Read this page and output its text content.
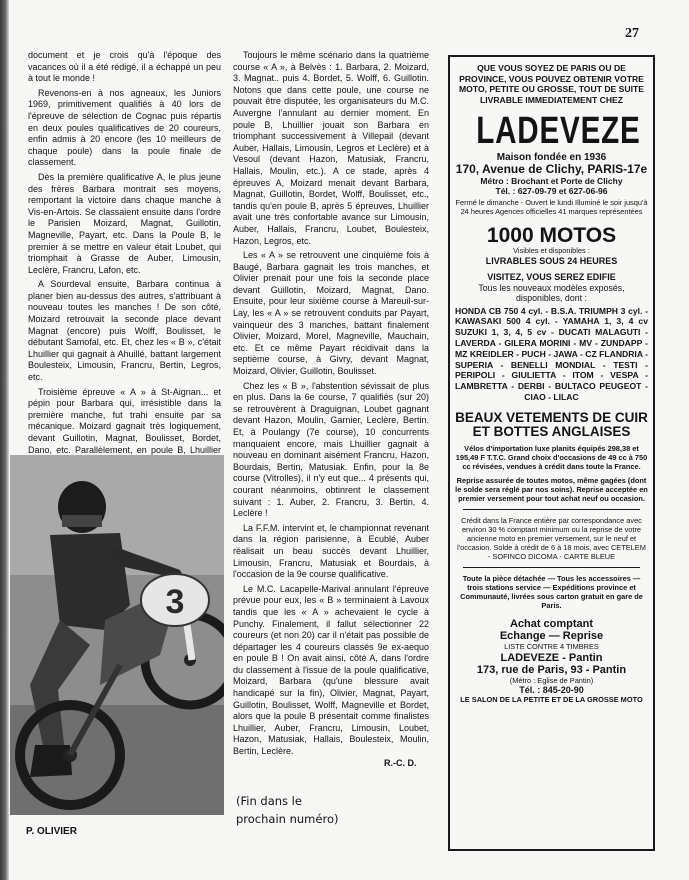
27

document et je crois qu'à l'époque des vacances où il a été rédigé, il a échappé un peu à tout le monde !

Revenons-en à nos agneaux, les Juniors 1969, primitivement qualifiés à 40 lors de l'épreuve de sélection de Cognac puis répartis en deux poules qualificatives de 20 coureurs, enfin admis à 20 encore (les 10 meilleurs de chaque poule) dans la poule finale de classement.

Dès la première qualificative A, le plus jeune des frères Barbara montrait ses moyens, remportant la victoire dans chaque manche à Vis-en-Artois. Se classaient ensuite dans l'ordre le Parisien Moizard, Magnat, Guillotin, Magneville, Payart, etc. Dans la Poule B, le premier à se mettre en valeur était Loubet, qui triomphait à Grasse de Auber, Limousin, Leclère, Francru, Lafon, etc.

A Sourdeval ensuite, Barbara continua à planer bien au-dessus des autres, s'attribuant à nouveau toutes les manches ! De son côté, Moizard retrouvait la seconde place devant Magnat (encore) puis Wolff, Boulisset, le débutant Samofal, etc. Et, chez les « B », c'était Lhuillier qui gagnait à Ahuillé, battant largement Boulesteix, Limousin, Francru, Bertin, Legros, etc.

Troisième épreuve « A » à St-Aignan... et pépin pour Barbara qui, irrésistible dans la première manche, fut trahi ensuite par sa mécanique. Moizard gagnait très logiquement, devant Guillotin, Magnat, Boulisset, Bordet, Dano, etc. Parallèlement, en poule B, Lhuillier

3
P. OLIVIER

Toujours le même scénario dans la quatrième course « A », à Belvès : 1. Barbara, 2. Moizard, 3. Magnat.. puis 4. Bordet, 5. Wolff, 6. Guillotin. Notons que dans cette poule, une course ne pouvait être disputée, les organisateurs du M.C. Auvergne l'annulant au dernier moment. En poule B, Lhuillier jouait son Barbara en triomphant successivement à Villepail (devant Auber, Hallais, Limousin, Legros et Leclère) et à Vesoul (devant Hazon, Matusiak, Francru, Hallais, Moulin, etc.). A ce stade, après 4 épreuves A, Moizard menait devant Barbara, Magnat, Guillotin, Bordet, Wolff, Boulisset, etc., tandis qu'en poule B, après 5 épreuves, Lhuillier avait une très confortable avance sur Limousin, Auber, Hallais, Francru, Loubet, Boulesteix, Hazon, Legros, etc.

Les « A » se retrouvent une cinquième fois à Baugé, Barbara gagnait les trois manches, et Olivier prenait pour une fois la seconde place devant Guillotin, Moizard, Magnat, Dano. Ensuite, pour leur sixième course à Mareuil-sur-Lay, les « A » se retrouvent conduits par Payart, vainqueur des 3 manches, battant finalement Olivier, Moizard, Morel, Magneville, Mauchain, etc. Et ce même Payart récidivait dans la septième course, à Givry, devant Magnat, Moizard, Olivier, Guillotin, Boulisset.

Chez les « B », l'abstention sévissait de plus en plus. Dans la 6e course, 7 qualifiés (sur 20) se retrouvèrent à Draguignan, Loubet gagnant devant Hazon, Moulin, Garnier, Leclère, Bertin. Et, à Poulangy (7e course), 10 concurrents manquaient encore, mais Lhuillier gagnait à nouveau en dominant aisément Francru, Hazon, Bourdais, Bertin, Matusiak. Enfin, pour la 8e course (Vitrolles), il n'y eut que... 4 présents qui, courant néanmoins, obtinrent le classement suivant : 1. Auber, 2. Francru, 3. Bertin, 4. Leclère !

La F.F.M. intervint et, le championnat revenant dans la région parisienne, à Ecublé, Auber réalisait un beau succès devant Lhuillier, Limousin, Francru, Matusiak et Bourdais, à l'occasion de la 9e course qualificative.

Le M.C. Lacapelle-Marival annulant l'épreuve prévue pour eux, les « B » terminaient à Lavoux tandis que les « A » achevaient le cycle à Punchy. Finalement, il fallut sélectionner 22 coureurs (et non 20) car il n'était pas possible de départager les 4 coureurs classés 9e ex-aequo en poule B ! On avait ainsi, côté A, dans l'ordre du classement à l'issue de la poule qualificative, Moizard, Barbara (qu'une blessure avait handicapé sur la fin), Olivier, Magnat, Payart, Guillotin, Boulisset, Wolff, Magneville et Bordet, alors que la poule B présentait comme finalistes Lhuillier, Auber, Francru, Limousin, Loubet, Hazon, Matusiak, Hallais, Boulesteix, Moulin, Bertin, Leclère.

R.-C. D.
(Fin dans le prochain numéro)
QUE VOUS SOYEZ DE PARIS OU DE PROVINCE, VOUS POUVEZ OBTENIR VOTRE MOTO, PETITE OU GROSSE, TOUT DE SUITE LIVRABLE IMMEDIATEMENT CHEZ
LADEVEZE
Maison fondée en 1936
170, Avenue de Clichy, PARIS-17e
Métro : Brochant et Porte de Clichy
Tél. : 627-09-79 et 627-06-96
Fermé le dimanche - Ouvert le lundi Illuminé le soir jusqu'à 24 heures Agences officielles 41 marques représentées
1000 MOTOS
Visibles et disponibles :
LIVRABLES SOUS 24 HEURES
VISITEZ, VOUS SEREZ EDIFIE
Tous les nouveaux modèles exposés, disponibles, dont :
HONDA CB 750 4 cyl. - B.S.A. TRIUMPH 3 cyl. - KAWASAKI 500 4 cyl. - YAMAHA 1, 3, 4 cv SUZUKI 1, 3, 4, 5 cv - DUCATI MALAGUTI - LAVERDA - GILERA MORINI - MV - ZUNDAPP - MZ KREIDLER - PUCH - JAWA - CZ FLANDRIA - SUPERIA - BENELLI MONDIAL - TESTI - PERIPOLI - GIULIETTA - ITOM - VESPA - LAMBRETTA - DERBI - BULTACO PEUGEOT - CIAO - LILAC
BEAUX VETEMENTS DE CUIR ET BOTTES ANGLAISES
Vélos d'importation luxe planits équipés 298,38 et 195,49 F T.T.C. Grand choix d'occasions de 49 cc à 750 cc révisées, vendues à crédit dans toute la France.
Reprise assurée de toutes motos, même gagées (dont le solde sera réglé par nos soins). Reprise acceptée en premier versement pour tout achat neuf ou occasion.
Crédit dans la France entière par correspondance avec environ 30 % comptant minimum ou la reprise de votre ancienne moto en premier versement, sur le neuf et l'occasion. Solde à crédit de 6 à 18 mois, avec CETELEM - SOFINCO DICOMA - CARTE BLEUE
Toute la pièce détachée — Tous les accessoires — trois stations service — Expéditions province et Communauté, livrées sous carton gratuit en gare de Paris.
Achat comptant
Echange — Reprise
LISTE CONTRE 4 TIMBRES
LADEVEZE - Pantin
173, rue de Paris, 93 - Pantin
(Métro : Eglise de Pantin)
Tél. : 845-20-90
LE SALON DE LA PETITE ET DE LA GROSSE MOTO
